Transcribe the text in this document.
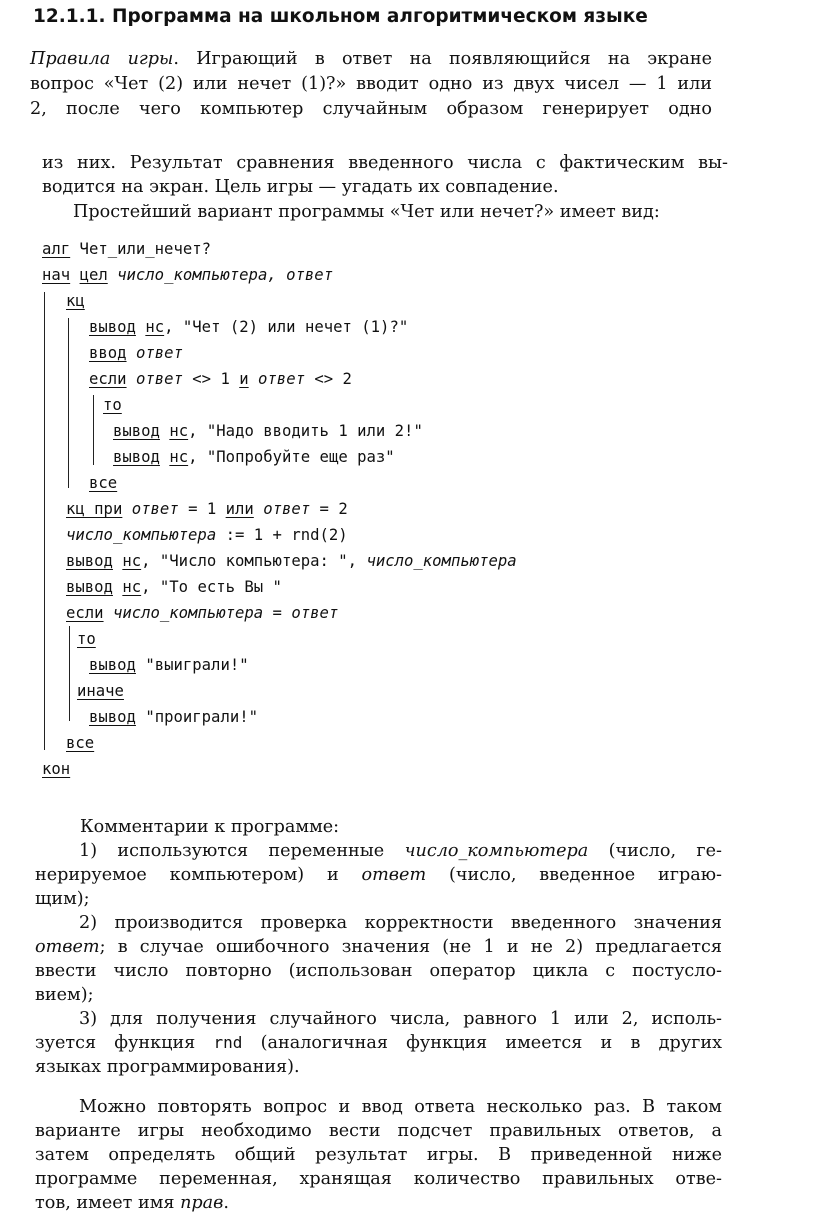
12.1.1. Программа на школьном алгоритмическом языке
Правила игры. Играющий в ответ на появляющийся на экране
вопрос «Чет (2) или нечет (1)?» вводит одно из двух чисел — 1 или
2, после чего компьютер случайным образом генерирует одно
из них. Результат сравнения введенного числа с фактическим вы-
водится на экран. Цель игры — угадать их совпадение.
Простейший вариант программы «Чет или нечет?» имеет вид:
алг Чет_или_нечет?
нач цел число_компьютера, ответ
кц
вывод нс, "Чет (2) или нечет (1)?"
ввод ответ
если ответ <> 1 и ответ <> 2
то
вывод нс, "Надо вводить 1 или 2!"
вывод нс, "Попробуйте еще раз"
все
кц при ответ = 1 или ответ = 2
число_компьютера := 1 + rnd(2)
вывод нс, "Число компьютера: ", число_компьютера
вывод нс, "То есть Вы "
если число_компьютера = ответ
то
вывод "выиграли!"
иначе
вывод "проиграли!"
все
кон
Комментарии к программе:
1) используются переменные число_компьютера (число, ге-
нерируемое компьютером) и ответ (число, введенное играю-
щим);
2) производится проверка корректности введенного значения
ответ; в случае ошибочного значения (не 1 и не 2) предлагается
ввести число повторно (использован оператор цикла с постусло-
вием);
3) для получения случайного числа, равного 1 или 2, исполь-
зуется функция rnd (аналогичная функция имеется и в других
языках программирования).
Можно повторять вопрос и ввод ответа несколько раз. В таком
варианте игры необходимо вести подсчет правильных ответов, а
затем определять общий результат игры. В приведенной ниже
программе переменная, хранящая количество правильных отве-
тов, имеет имя прав.
